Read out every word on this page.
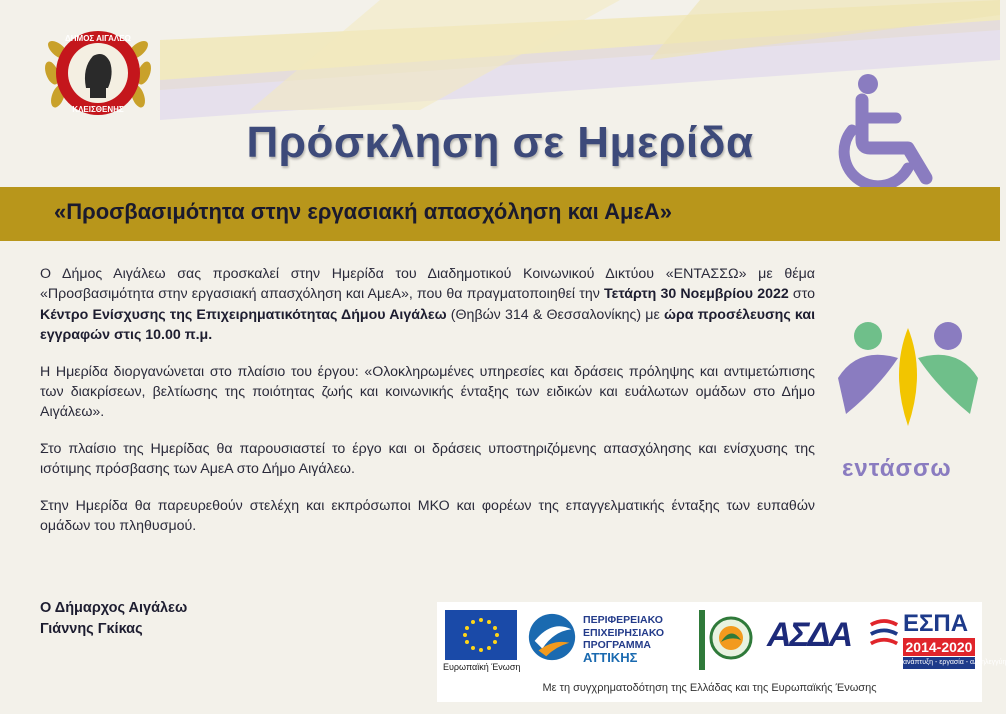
ΔΗΜΟΣ ΑΙΓΑΛΕΩ
ΚΛΕΙΣΘΕΝΗΣ
Πρόσκληση σε Ημερίδα
«Προσβασιμότητα στην εργασιακή απασχόληση και ΑμεΑ»

Ο Δήμος Αιγάλεω σας προσκαλεί στην Ημερίδα του Διαδημοτικού Κοινωνικού Δικτύου «ΕΝΤΑΣΣΩ» με θέμα «Προσβασιμότητα στην εργασιακή απασχόληση και ΑμεΑ», που θα πραγματοποιηθεί την Τετάρτη 30 Νοεμβρίου 2022 στο Κέντρο Ενίσχυσης της Επιχειρηματικότητας Δήμου Αιγάλεω (Θηβών 314 & Θεσσαλονίκης) με ώρα προσέλευσης και εγγραφών στις 10.00 π.μ.

Η Ημερίδα διοργανώνεται στο πλαίσιο του έργου: «Ολοκληρωμένες υπηρεσίες και δράσεις πρόληψης και αντιμετώπισης των διακρίσεων, βελτίωσης της ποιότητας ζωής και κοινωνικής ένταξης των ειδικών και ευάλωτων ομάδων στο Δήμο Αιγάλεω».

Στο πλαίσιο της Ημερίδας θα παρουσιαστεί το έργο και οι δράσεις υποστηριζόμενης απασχόλησης και ενίσχυσης της ισότιμης πρόσβασης των ΑμεΑ στο Δήμο Αιγάλεω.

Στην Ημερίδα θα παρευρεθούν στελέχη και εκπρόσωποι ΜΚΟ και φορέων της επαγγελματικής ένταξης των ευπαθών ομάδων του πληθυσμού.

εντάσσω
Ο Δήμαρχος Αιγάλεω
Γιάννης Γκίκας
Ευρωπαϊκή Ένωση
ΠΕΡΙΦΕΡΕΙΑΚΟ
ΕΠΙΧΕΙΡΗΣΙΑΚΟ
ΠΡΟΓΡΑΜΜΑ
ΑΤΤΙΚΗΣ
ΑΣΔΑ ΕΣΠΑ
2014-2020
ανάπτυξη - εργασία - αλληλεγγύη
Με τη συγχρηματοδότηση της Ελλάδας και της Ευρωπαϊκής Ένωσης
